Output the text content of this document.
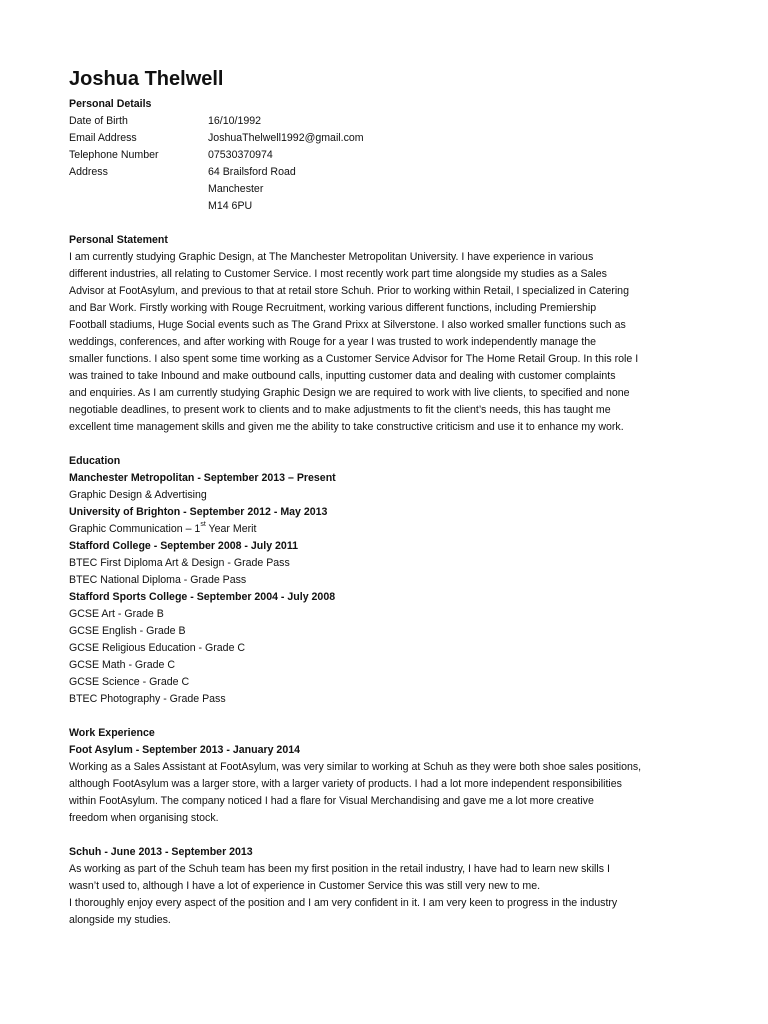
Joshua Thelwell
Personal Details
Date of Birth	16/10/1992
Email Address	JoshuaThelwell1992@gmail.com
Telephone Number	07530370974
Address	64 Brailsford Road
Manchester
M14 6PU
Personal Statement
I am currently studying Graphic Design, at The Manchester Metropolitan University. I have experience in various
different industries, all relating to Customer Service. I most recently work part time alongside my studies as a Sales
Advisor at FootAsylum, and previous to that at retail store Schuh. Prior to working within Retail, I specialized in Catering
and Bar Work. Firstly working with Rouge Recruitment, working various different functions, including Premiership
Football stadiums, Huge Social events such as The Grand Prixx at Silverstone. I also worked smaller functions such as
weddings, conferences, and after working with Rouge for a year I was trusted to work independently manage the
smaller functions. I also spent some time working as a Customer Service Advisor for The Home Retail Group. In this role I
was trained to take Inbound and make outbound calls, inputting customer data and dealing with customer complaints
and enquiries. As I am currently studying Graphic Design we are required to work with live clients, to specified and none
negotiable deadlines, to present work to clients and to make adjustments to fit the client’s needs, this has taught me
excellent time management skills and given me the ability to take constructive criticism and use it to enhance my work.
Education
Manchester Metropolitan - September 2013 – Present
Graphic Design & Advertising
University of Brighton - September 2012 - May 2013
Graphic Communication – 1st Year Merit
Stafford College - September 2008 - July 2011
BTEC First Diploma Art & Design - Grade Pass
BTEC National Diploma - Grade Pass
Stafford Sports College - September 2004 - July 2008
GCSE Art - Grade B
GCSE English - Grade B
GCSE Religious Education - Grade C
GCSE Math - Grade C
GCSE Science - Grade C
BTEC Photography - Grade Pass
Work Experience
Foot Asylum - September 2013 - January 2014
Working as a Sales Assistant at FootAsylum, was very similar to working at Schuh as they were both shoe sales positions,
although FootAsylum was a larger store, with a larger variety of products. I had a lot more independent responsibilities
within FootAsylum. The company noticed I had a flare for Visual Merchandising and gave me a lot more creative
freedom when organising stock.
Schuh - June 2013 - September 2013
As working as part of the Schuh team has been my first position in the retail industry, I have had to learn new skills I
wasn’t used to, although I have a lot of experience in Customer Service this was still very new to me.
I thoroughly enjoy every aspect of the position and I am very confident in it. I am very keen to progress in the industry
alongside my studies.
